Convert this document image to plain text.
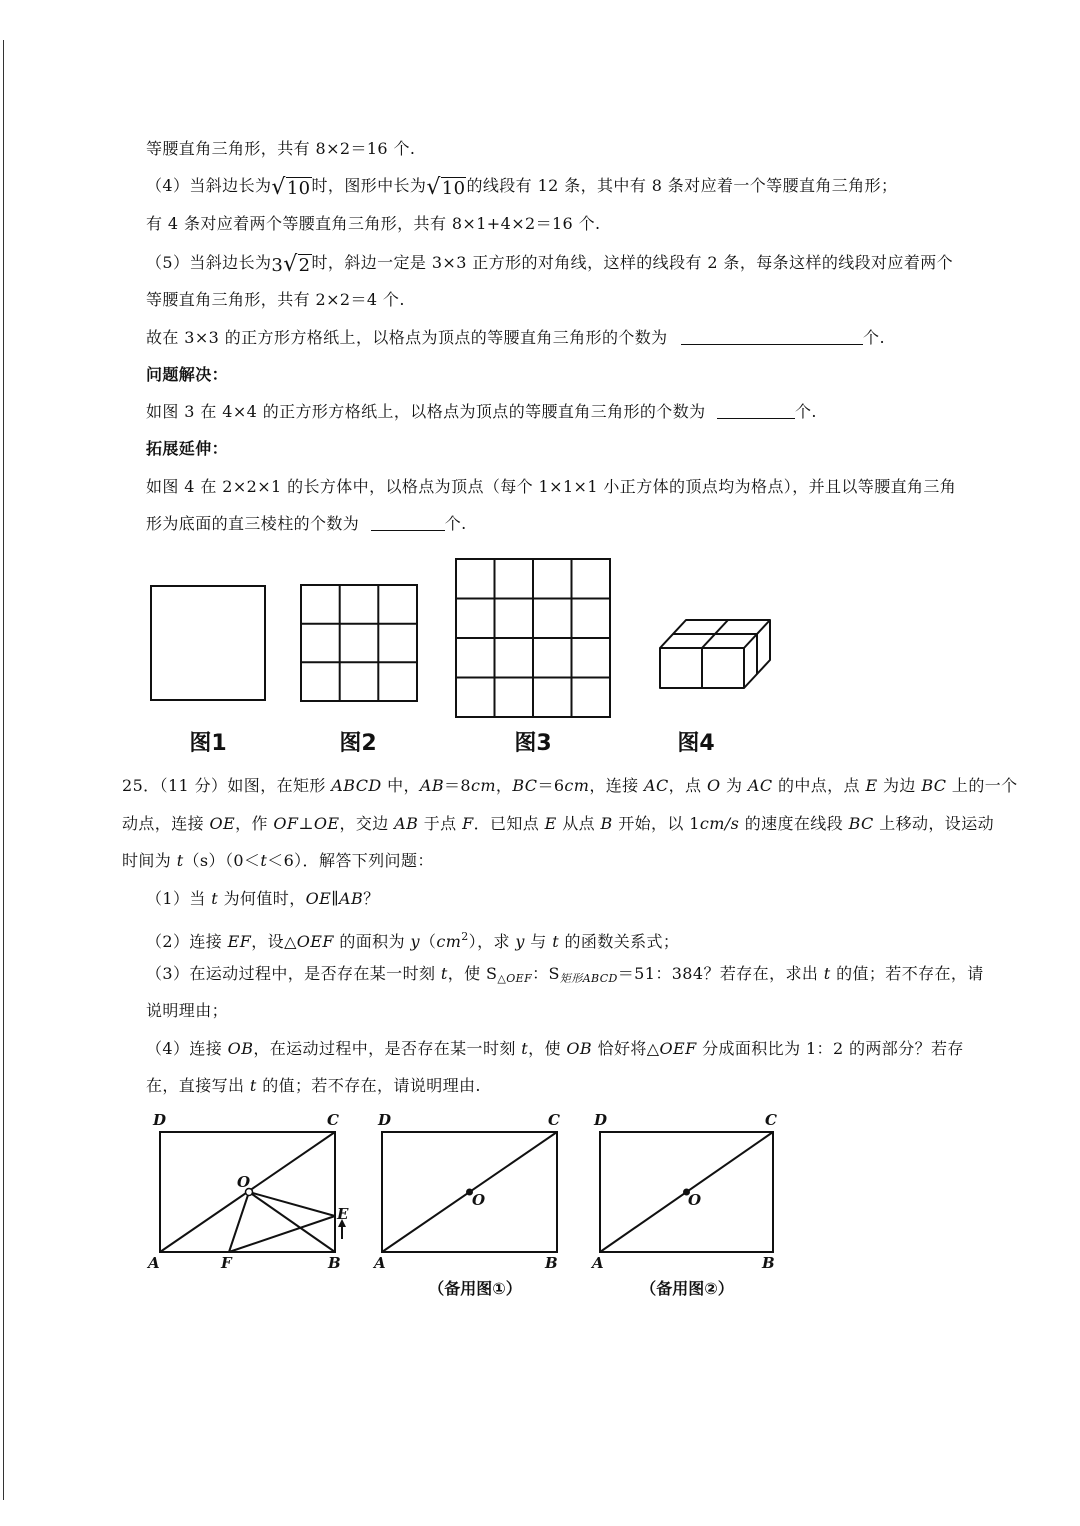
等腰直角三角形，共有 8×2＝16 个.
（4）当斜边长为√10时，图形中长为√10的线段有 12 条，其中有 8 条对应着一个等腰直角三角形；
有 4 条对应着两个等腰直角三角形，共有 8×1+4×2＝16 个.
（5）当斜边长为3√2时，斜边一定是 3×3 正方形的对角线，这样的线段有 2 条，每条这样的线段对应着两个
等腰直角三角形，共有 2×2＝4 个.
故在 3×3 的正方形方格纸上，以格点为顶点的等腰直角三角形的个数为	个.
问题解决：
如图 3 在 4×4 的正方形方格纸上，以格点为顶点的等腰直角三角形的个数为	个.
拓展延伸：
如图 4 在 2×2×1 的长方体中，以格点为顶点（每个 1×1×1 小正方体的顶点均为格点），并且以等腰直角三角
形为底面的直三棱柱的个数为	个.
图1	图2	图3	图4
25．（11 分）如图，在矩形 ABCD 中，AB＝8cm，BC＝6cm，连接 AC，点 O 为 AC 的中点，点 E 为边 BC 上的一个
动点，连接 OE，作 OF⊥OE，交边 AB 于点 F．已知点 E 从点 B 开始，以 1cm/s 的速度在线段 BC 上移动，设运动
时间为 t（s）（0＜t＜6）．解答下列问题：
（1）当 t 为何值时，OE∥AB？
（2）连接 EF，设△OEF 的面积为 $y(cm^2)$，求 y 与 t 的函数关系式；
（3）在运动过程中，是否存在某一时刻 t，使 $S_{\triangle OEF}$：$S_{矩形ABCD}=51$：384？若存在，求出 t 的值；若不存在，请
说明理由；
（4）连接 OB，在运动过程中，是否存在某一时刻 t，使 OB 恰好将△OEF 分成面积比为 1：2 的两部分？若存
在，直接写出 t 的值；若不存在，请说明理由.
D	C
O
E
A	F	B
D	C
O
A	B
D	C
O
A	B
（备用图①）	（备用图②）
